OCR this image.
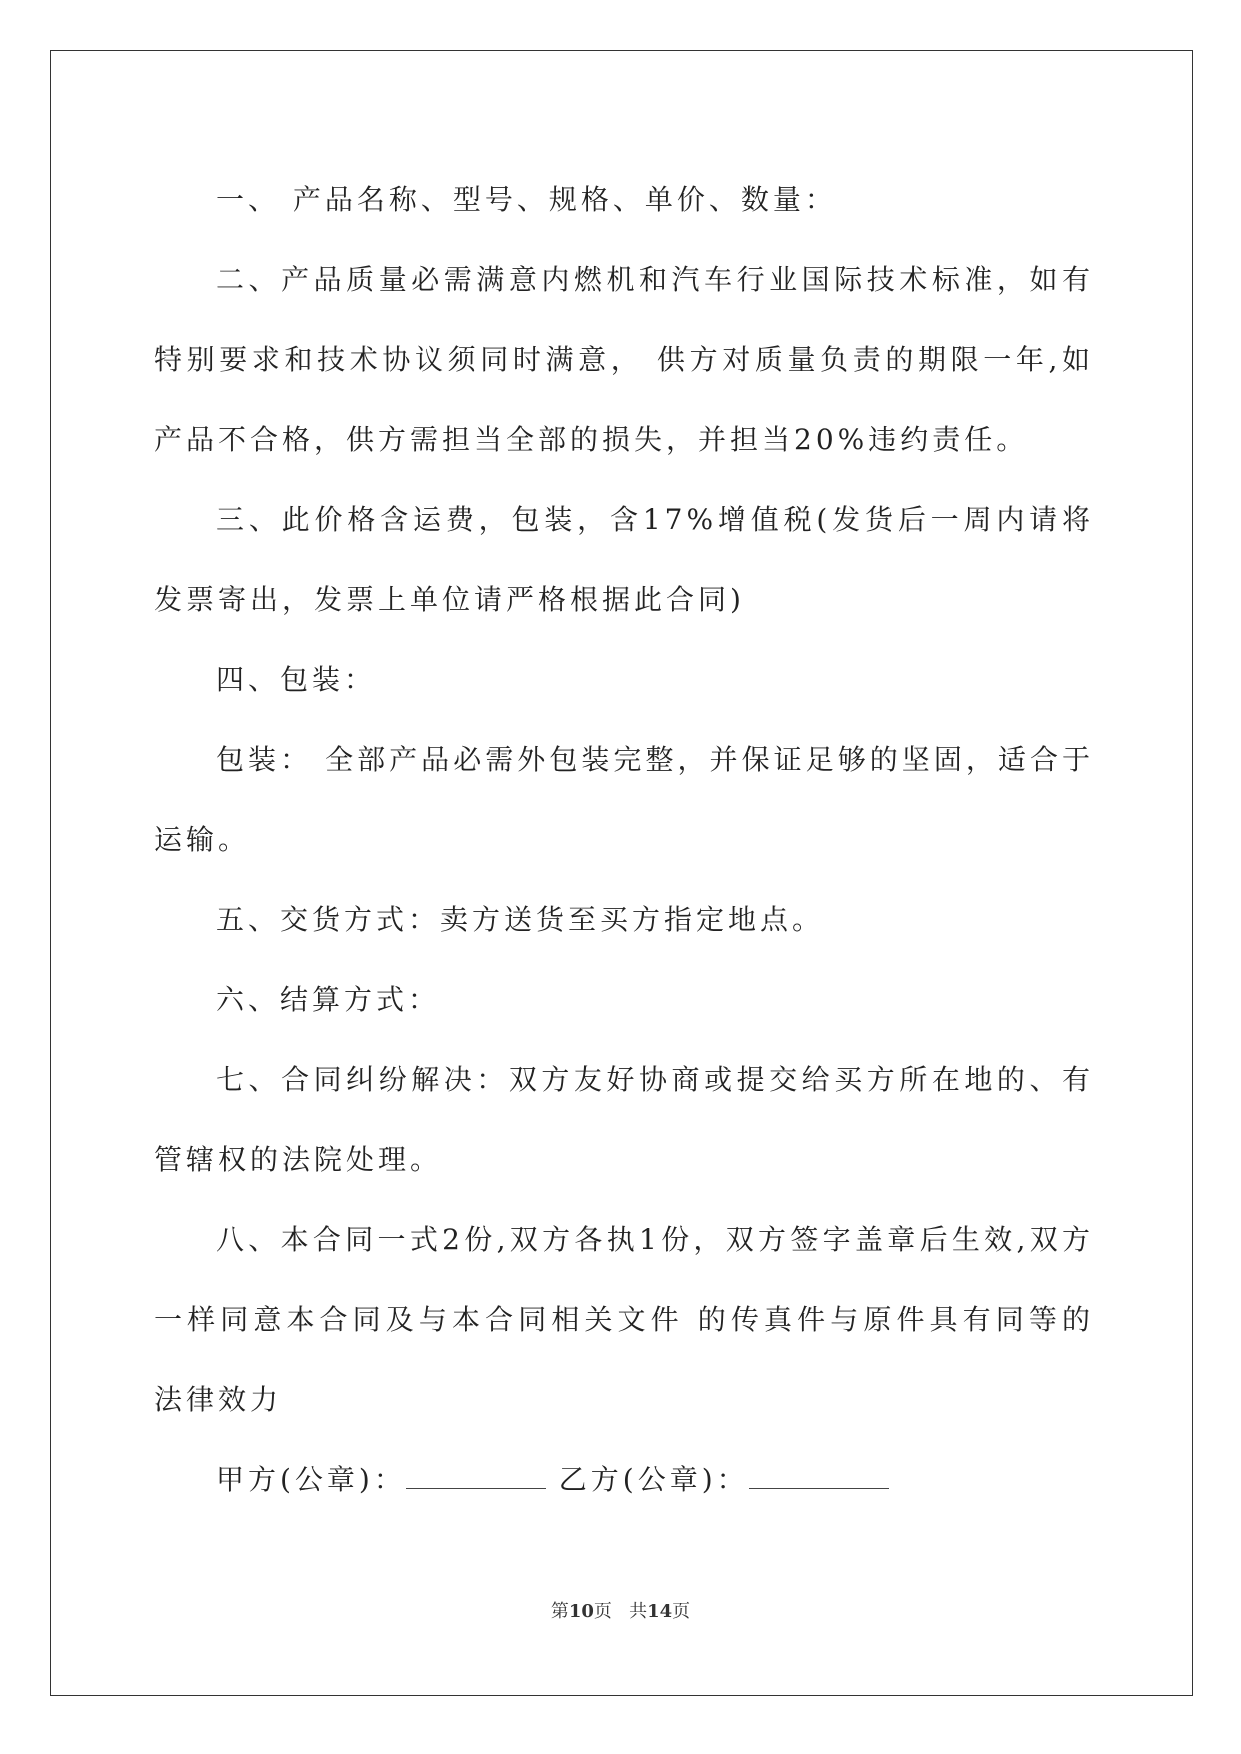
一、 产品名称、型号、规格、单价、数量：

二、产品质量必需满意内燃机和汽车行业国际技术标准，如有特别要求和技术协议须同时满意， 供方对质量负责的期限一年,如产品不合格，供方需担当全部的损失，并担当20%违约责任。

三、此价格含运费，包装，含17%增值税(发货后一周内请将发票寄出，发票上单位请严格根据此合同)

四、包装：

包装： 全部产品必需外包装完整，并保证足够的坚固，适合于运输。

五、交货方式：卖方送货至买方指定地点。

六、结算方式：

七、合同纠纷解决：双方友好协商或提交给买方所在地的、有管辖权的法院处理。

八、本合同一式2份,双方各执1份，双方签字盖章后生效,双方一样同意本合同及与本合同相关文件 的传真件与原件具有同等的法律效力

甲方(公章)：	乙方(公章)：

第10页 共14页
